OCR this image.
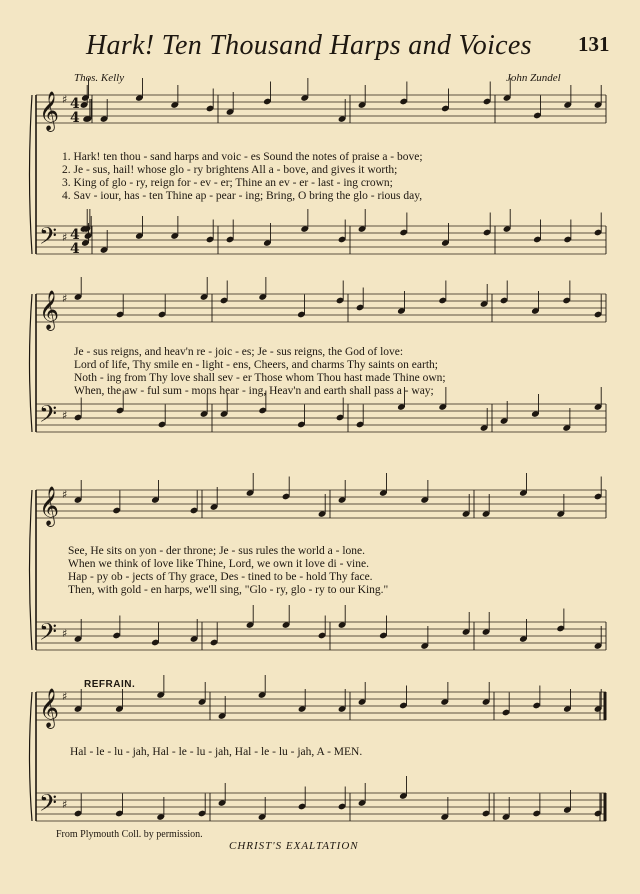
Hark! Ten Thousand Harps and Voices 131
Thos. Kelly	John Zundel
𝄞
𝄢
♯
♯
4
4
4
4
𝄞
𝄢
♯
♯
𝄞
𝄢
♯
♯
𝄞
𝄢
♯
♯
1. Hark! ten thou - sand harps and voic - es Sound the notes of praise a - bove;
2. Je - sus, hail! whose glo - ry brightens All a - bove, and gives it worth;
3. King of glo - ry, reign for - ev - er; Thine an ev - er - last - ing crown;
4. Sav - iour, has - ten Thine ap - pear - ing; Bring, O bring the glo - rious day,
Je - sus reigns, and heav'n re - joic - es; Je - sus reigns, the God of love:
Lord of life, Thy smile en - light - ens, Cheers, and charms Thy saints on earth;
Noth - ing from Thy love shall sev - er Those whom Thou hast made Thine own;
When, the aw - ful sum - mons hear - ing, Heav'n and earth shall pass a - way;
See, He sits on yon - der throne; Je - sus rules the world a - lone.
When we think of love like Thine, Lord, we own it love di - vine.
Hap - py ob - jects of Thy grace, Des - tined to be - hold Thy face.
Then, with gold - en harps, we'll sing, "Glo - ry, glo - ry to our King."
Hal - le - lu - jah, Hal - le - lu - jah, Hal - le - lu - jah, A - MEN.
REFRAIN.
From Plymouth Coll. by permission.
CHRIST'S EXALTATION
